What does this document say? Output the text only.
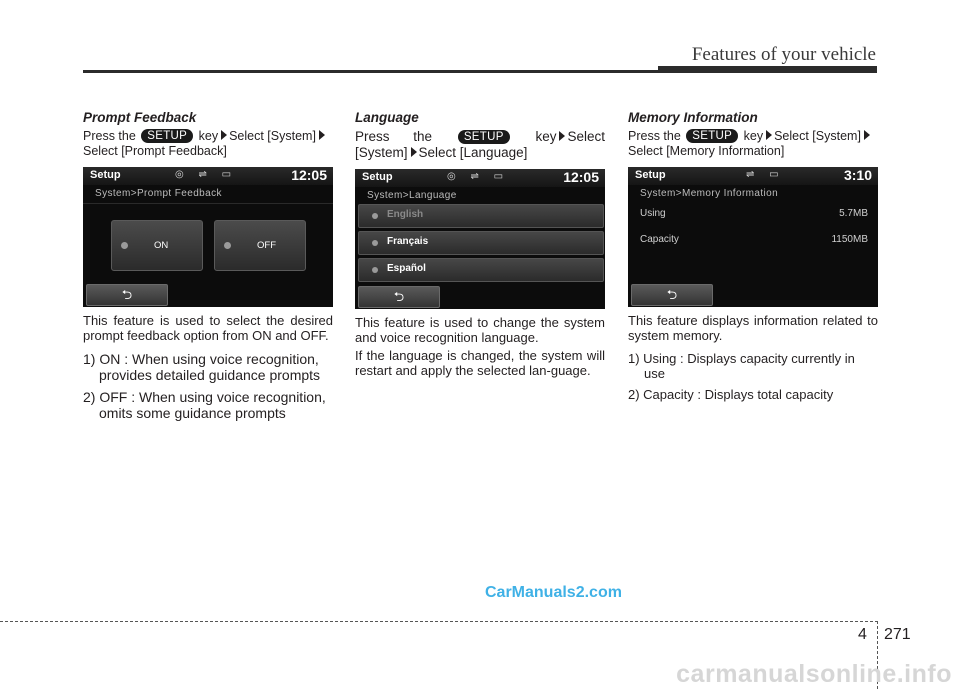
Features of your vehicle
Prompt Feedback

Press the SETUP key Select [System]

Select [Prompt Feedback]

Setup	◎ ⇌ ▭	12:05
System>Prompt Feedback
ON	OFF
⮌

This feature is used to select the desired prompt feedback option from ON and OFF.

1) ON : When using voice recognition, provides detailed guidance prompts
2) OFF : When using voice recognition, omits some guidance prompts
Language

Press the	SETUP key Select

[System] Select [Language]

Setup	◎ ⇌ ▭	12:05
System>Language
English
Français
Español
⮌

This feature is used to change the system and voice recognition language.

If the language is changed, the system will restart and apply the selected lan-guage.

Memory Information

Press the SETUP key Select [System]

Select [Memory Information]

Setup	⇌ ▭	3:10
System>Memory Information
Using	5.7MB
Capacity	1150MB
⮌

This feature displays information related to system memory.

1) Using : Displays capacity currently in use
2) Capacity : Displays total capacity
CarManuals2.com
4 271
carmanualsonline.info
